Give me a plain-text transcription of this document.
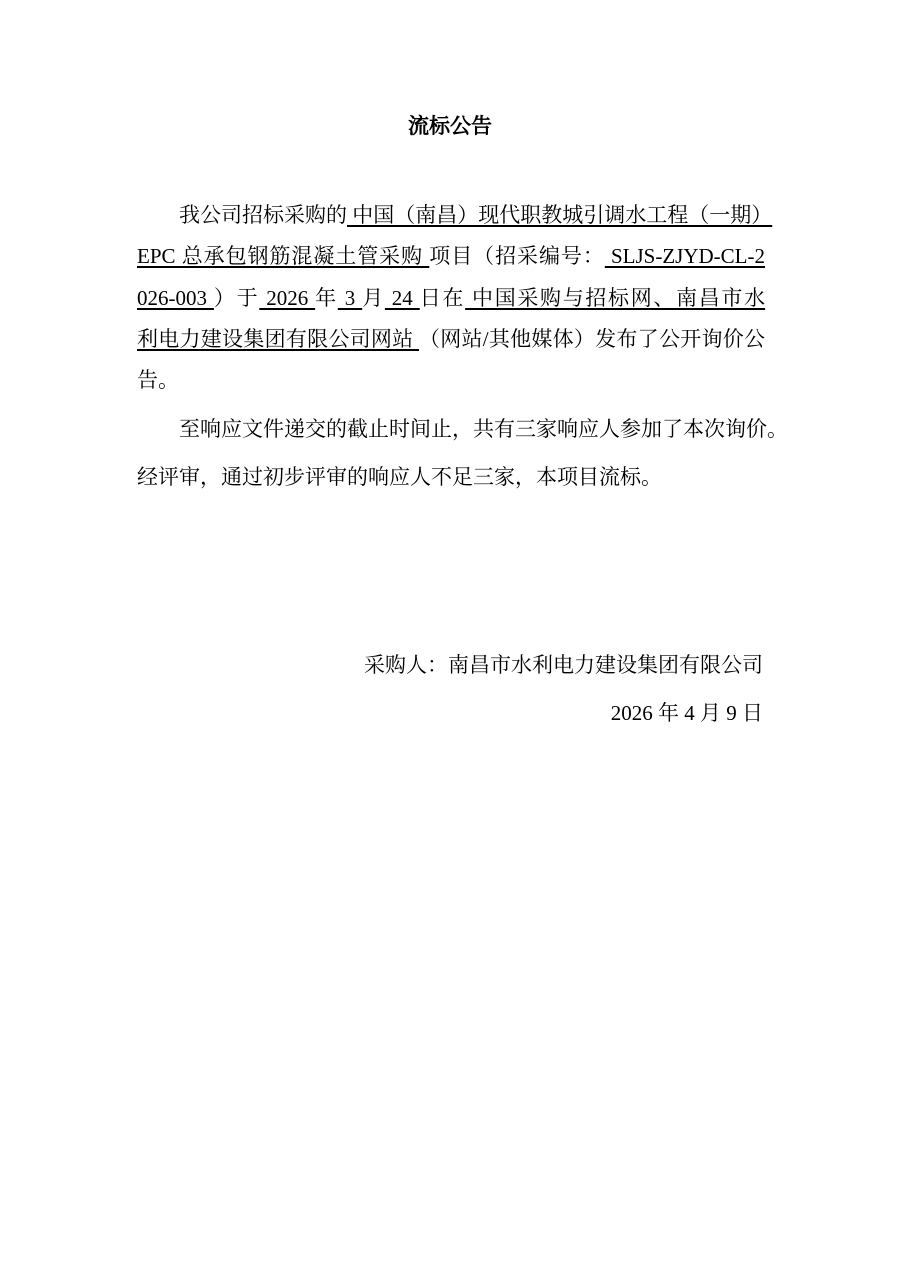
流标公告
我公司招标采购的 中国（南昌）现代职教城引调水工程（一期）
EPC 总承包钢筋混凝土管采购 项目（招采编号： SLJS-ZJYD-CL-2
026-003 ）于 2026 年 3 月 24 日在 中国采购与招标网、南昌市水
利电力建设集团有限公司网站 （网站/其他媒体）发布了公开询价公
告。
至响应文件递交的截止时间止，共有三家响应人参加了本次询价。
经评审，通过初步评审的响应人不足三家，本项目流标。
采购人：南昌市水利电力建设集团有限公司
2026 年 4 月 9 日
